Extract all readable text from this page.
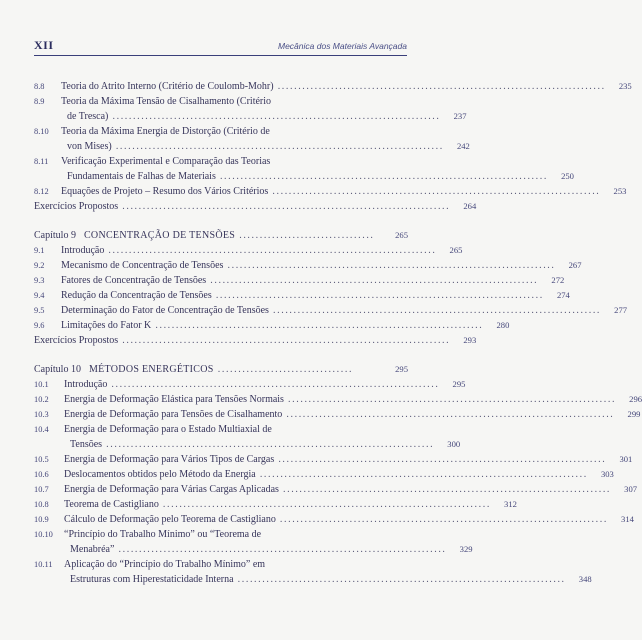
XII	Mecânica dos Materiais Avançada
8.8	Teoria do Atrito Interno (Critério de Coulomb-Mohr) ................................................................................	235
8.9	Teoria da Máxima Tensão de Cisalhamento (Critério
de Tresca) ................................................................................	237
8.10	Teoria da Máxima Energia de Distorção (Critério de
von Mises) ................................................................................	242
8.11	Verificação Experimental e Comparação das Teorias
Fundamentais de Falhas de Materiais ................................................................................	250
8.12	Equações de Projeto – Resumo dos Vários Critérios ................................................................................	253
Exercícios Propostos ................................................................................	264
Capítulo 9 CONCENTRAÇÃO DE TENSÕES .................................	265
9.1	Introdução ................................................................................	265
9.2	Mecanismo de Concentração de Tensões ................................................................................	267
9.3	Fatores de Concentração de Tensões ................................................................................	272
9.4	Redução da Concentração de Tensões ................................................................................	274
9.5	Determinação do Fator de Concentração de Tensões ................................................................................	277
9.6	Limitações do Fator K ................................................................................	280
Exercícios Propostos ................................................................................	293
Capítulo 10 MÉTODOS ENERGÉTICOS .................................	295
10.1	Introdução ................................................................................	295
10.2	Energia de Deformação Elástica para Tensões Normais ................................................................................	296
10.3	Energia de Deformação para Tensões de Cisalhamento ................................................................................	299
10.4	Energia de Deformação para o Estado Multiaxial de
Tensões ................................................................................	300
10.5	Energia de Deformação para Vários Tipos de Cargas ................................................................................	301
10.6	Deslocamentos obtidos pelo Método da Energia ................................................................................	303
10.7	Energia de Deformação para Várias Cargas Aplicadas ................................................................................	307
10.8	Teorema de Castigliano ................................................................................	312
10.9	Cálculo de Deformação pelo Teorema de Castigliano ................................................................................	314
10.10	“Princípio do Trabalho Mínimo” ou “Teorema de
Menabréa” ................................................................................	329
10.11	Aplicação do “Princípio do Trabalho Mínimo” em
Estruturas com Hiperestaticidade Interna ................................................................................	348
